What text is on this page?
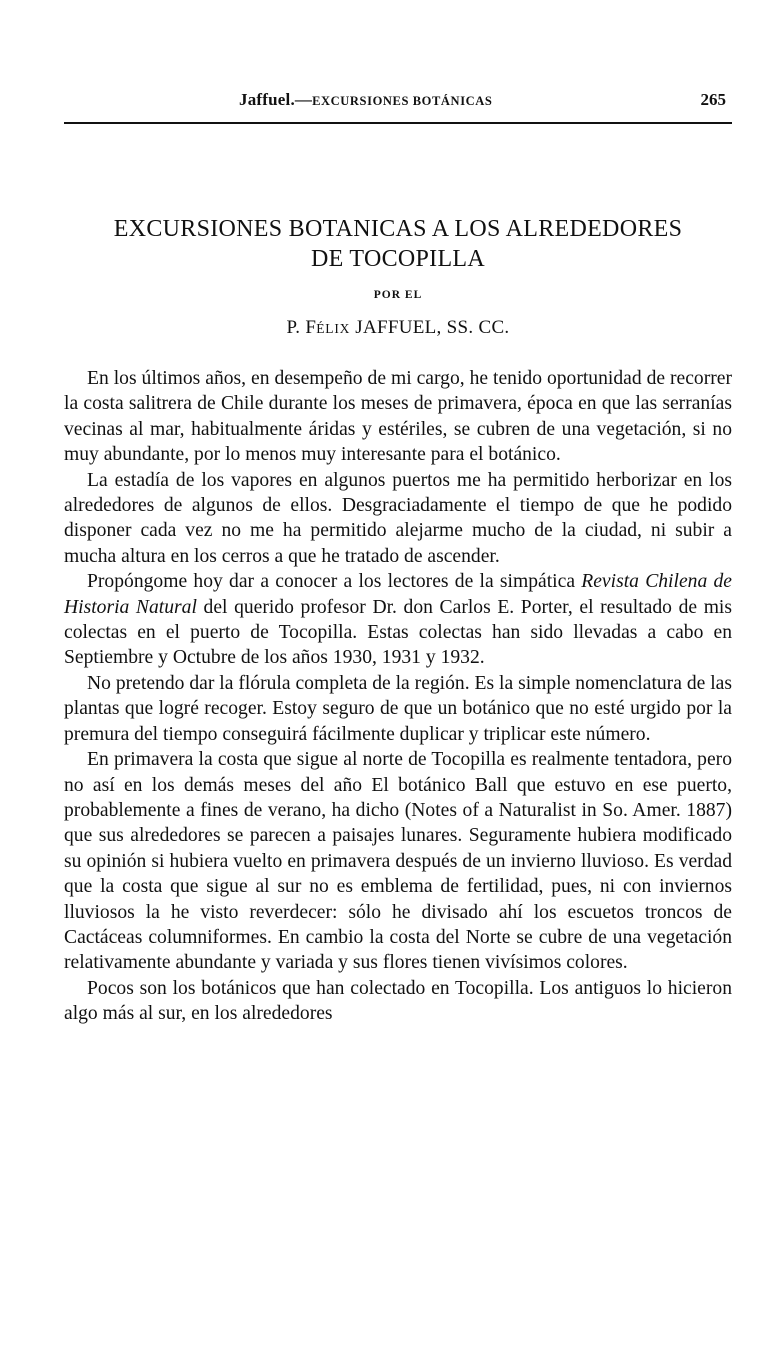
Jaffuel.—EXCURSIONES BOTÁNICAS	265
EXCURSIONES BOTANICAS A LOS ALREDEDORES
DE TOCOPILLA
POR EL
P. FÉLIX JAFFUEL, SS. CC.

En los últimos años, en desempeño de mi cargo, he tenido oportunidad de recorrer la costa salitrera de Chile durante los meses de primavera, época en que las serranías vecinas al mar, habitualmente áridas y estériles, se cubren de una vegetación, si no muy abundante, por lo menos muy interesante para el botánico.

La estadía de los vapores en algunos puertos me ha permitido herborizar en los alrededores de algunos de ellos. Desgraciadamente el tiempo de que he podido disponer cada vez no me ha permitido alejarme mucho de la ciudad, ni subir a mucha altura en los cerros a que he tratado de ascender.

Propóngome hoy dar a conocer a los lectores de la simpática Revista Chilena de Historia Natural del querido profesor Dr. don Carlos E. Porter, el resultado de mis colectas en el puerto de Tocopilla. Estas colectas han sido llevadas a cabo en Septiembre y Octubre de los años 1930, 1931 y 1932.

No pretendo dar la flórula completa de la región. Es la simple nomenclatura de las plantas que logré recoger. Estoy seguro de que un botánico que no esté urgido por la premura del tiempo conseguirá fácilmente duplicar y triplicar este número.

En primavera la costa que sigue al norte de Tocopilla es realmente tentadora, pero no así en los demás meses del año El botánico Ball que estuvo en ese puerto, probablemente a fines de verano, ha dicho (Notes of a Naturalist in So. Amer. 1887) que sus alrededores se parecen a paisajes lunares. Seguramente hubiera modificado su opinión si hubiera vuelto en primavera después de un invierno lluvioso. Es verdad que la costa que sigue al sur no es emblema de fertilidad, pues, ni con inviernos lluviosos la he visto reverdecer: sólo he divisado ahí los escuetos troncos de Cactáceas columniformes. En cambio la costa del Norte se cubre de una vegetación relativamente abundante y variada y sus flores tienen vivísimos colores.

Pocos son los botánicos que han colectado en Tocopilla. Los antiguos lo hicieron algo más al sur, en los alrededores
